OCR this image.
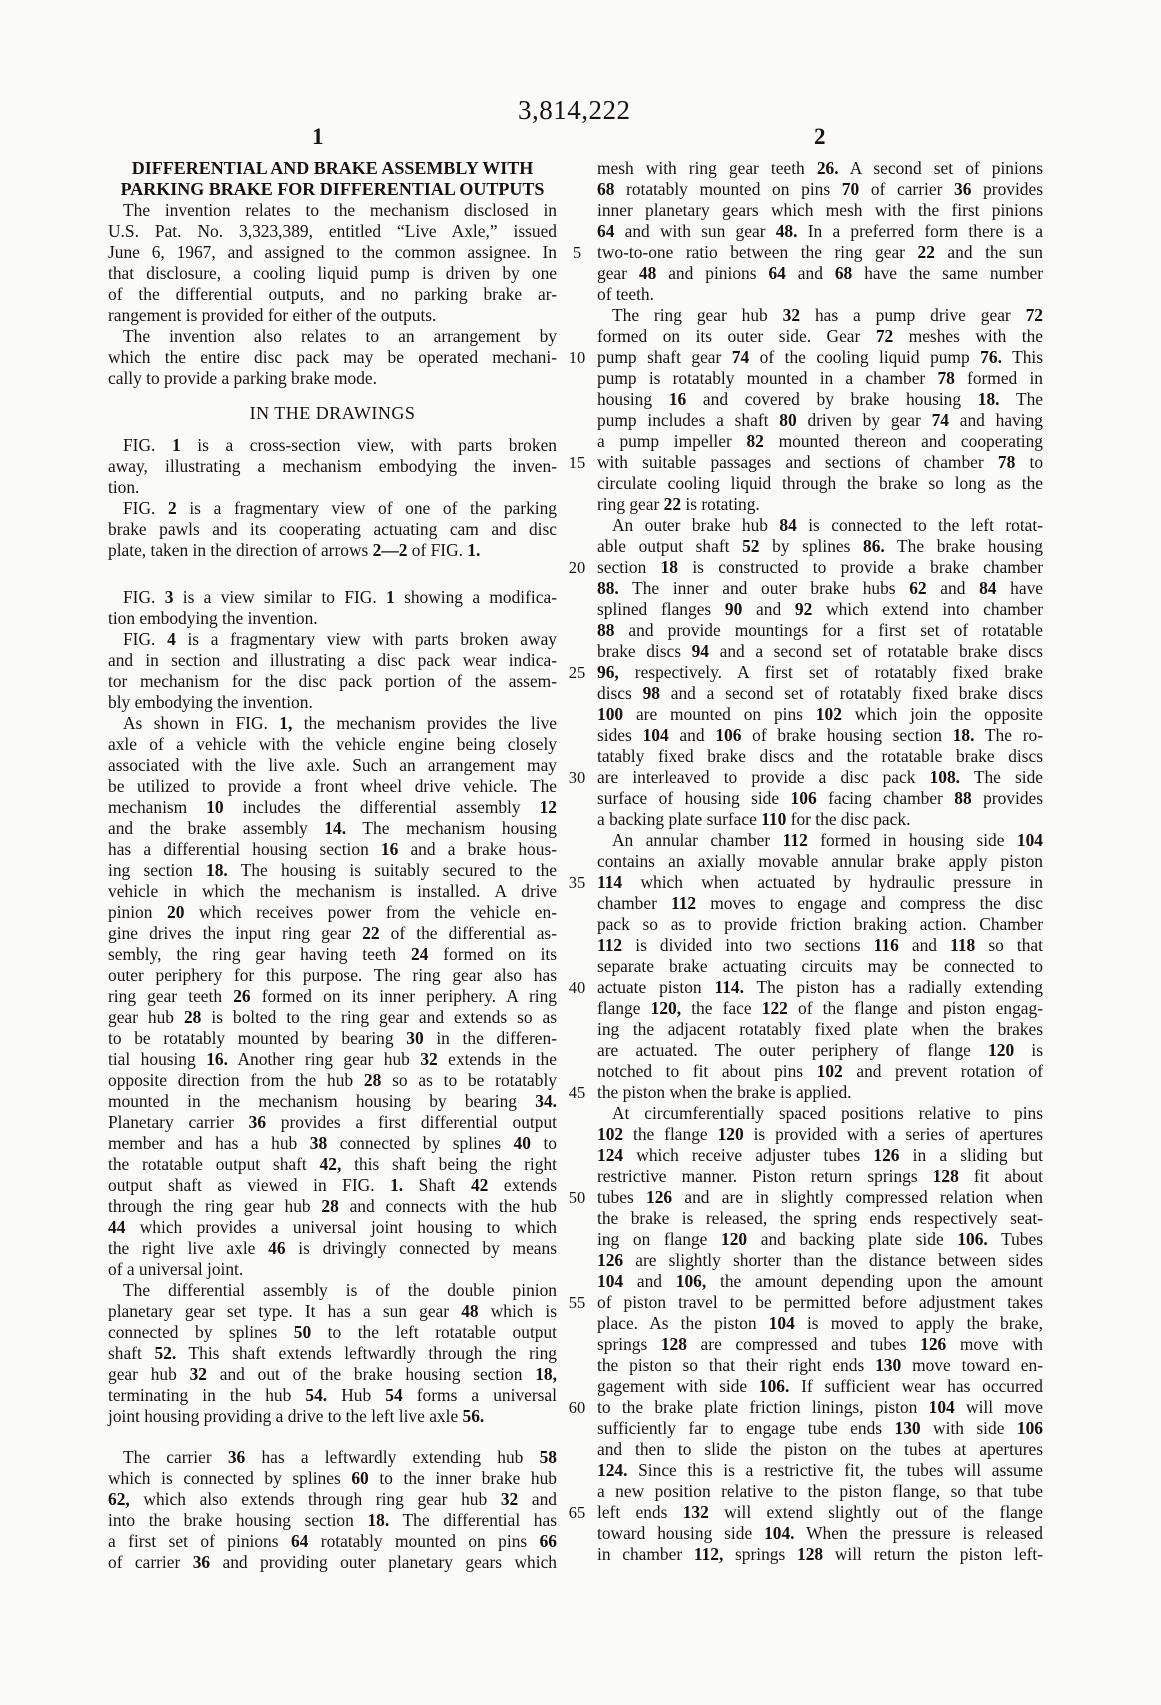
3,814,222
1	2
DIFFERENTIAL AND BRAKE ASSEMBLY WITH
PARKING BRAKE FOR DIFFERENTIAL OUTPUTS
The invention relates to the mechanism disclosed in
U.S. Pat. No. 3,323,389, entitled “Live Axle,” issued
June 6, 1967, and assigned to the common assignee. In
that disclosure, a cooling liquid pump is driven by one
of the differential outputs, and no parking brake ar-
rangement is provided for either of the outputs.
The invention also relates to an arrangement by
which the entire disc pack may be operated mechani-
cally to provide a parking brake mode.
IN THE DRAWINGS
FIG. 1 is a cross-section view, with parts broken
away, illustrating a mechanism embodying the inven-
tion.
FIG. 2 is a fragmentary view of one of the parking
brake pawls and its cooperating actuating cam and disc
plate, taken in the direction of arrows 2—2 of FIG. 1.
FIG. 3 is a view similar to FIG. 1 showing a modifica-
tion embodying the invention.
FIG. 4 is a fragmentary view with parts broken away
and in section and illustrating a disc pack wear indica-
tor mechanism for the disc pack portion of the assem-
bly embodying the invention.
As shown in FIG. 1, the mechanism provides the live
axle of a vehicle with the vehicle engine being closely
associated with the live axle. Such an arrangement may
be utilized to provide a front wheel drive vehicle. The
mechanism 10 includes the differential assembly 12
and the brake assembly 14. The mechanism housing
has a differential housing section 16 and a brake hous-
ing section 18. The housing is suitably secured to the
vehicle in which the mechanism is installed. A drive
pinion 20 which receives power from the vehicle en-
gine drives the input ring gear 22 of the differential as-
sembly, the ring gear having teeth 24 formed on its
outer periphery for this purpose. The ring gear also has
ring gear teeth 26 formed on its inner periphery. A ring
gear hub 28 is bolted to the ring gear and extends so as
to be rotatably mounted by bearing 30 in the differen-
tial housing 16. Another ring gear hub 32 extends in the
opposite direction from the hub 28 so as to be rotatably
mounted in the mechanism housing by bearing 34.
Planetary carrier 36 provides a first differential output
member and has a hub 38 connected by splines 40 to
the rotatable output shaft 42, this shaft being the right
output shaft as viewed in FIG. 1. Shaft 42 extends
through the ring gear hub 28 and connects with the hub
44 which provides a universal joint housing to which
the right live axle 46 is drivingly connected by means
of a universal joint.
The differential assembly is of the double pinion
planetary gear set type. It has a sun gear 48 which is
connected by splines 50 to the left rotatable output
shaft 52. This shaft extends leftwardly through the ring
gear hub 32 and out of the brake housing section 18,
terminating in the hub 54. Hub 54 forms a universal
joint housing providing a drive to the left live axle 56.
The carrier 36 has a leftwardly extending hub 58
which is connected by splines 60 to the inner brake hub
62, which also extends through ring gear hub 32 and
into the brake housing section 18. The differential has
a first set of pinions 64 rotatably mounted on pins 66
of carrier 36 and providing outer planetary gears which
5
10
15
20
25
30
35
40
45
50
55
60
65
mesh with ring gear teeth 26. A second set of pinions
68 rotatably mounted on pins 70 of carrier 36 provides
inner planetary gears which mesh with the first pinions
64 and with sun gear 48. In a preferred form there is a
two-to-one ratio between the ring gear 22 and the sun
gear 48 and pinions 64 and 68 have the same number
of teeth.
The ring gear hub 32 has a pump drive gear 72
formed on its outer side. Gear 72 meshes with the
pump shaft gear 74 of the cooling liquid pump 76. This
pump is rotatably mounted in a chamber 78 formed in
housing 16 and covered by brake housing 18. The
pump includes a shaft 80 driven by gear 74 and having
a pump impeller 82 mounted thereon and cooperating
with suitable passages and sections of chamber 78 to
circulate cooling liquid through the brake so long as the
ring gear 22 is rotating.
An outer brake hub 84 is connected to the left rotat-
able output shaft 52 by splines 86. The brake housing
section 18 is constructed to provide a brake chamber
88. The inner and outer brake hubs 62 and 84 have
splined flanges 90 and 92 which extend into chamber
88 and provide mountings for a first set of rotatable
brake discs 94 and a second set of rotatable brake discs
96, respectively. A first set of rotatably fixed brake
discs 98 and a second set of rotatably fixed brake discs
100 are mounted on pins 102 which join the opposite
sides 104 and 106 of brake housing section 18. The ro-
tatably fixed brake discs and the rotatable brake discs
are interleaved to provide a disc pack 108. The side
surface of housing side 106 facing chamber 88 provides
a backing plate surface 110 for the disc pack.
An annular chamber 112 formed in housing side 104
contains an axially movable annular brake apply piston
114 which when actuated by hydraulic pressure in
chamber 112 moves to engage and compress the disc
pack so as to provide friction braking action. Chamber
112 is divided into two sections 116 and 118 so that
separate brake actuating circuits may be connected to
actuate piston 114. The piston has a radially extending
flange 120, the face 122 of the flange and piston engag-
ing the adjacent rotatably fixed plate when the brakes
are actuated. The outer periphery of flange 120 is
notched to fit about pins 102 and prevent rotation of
the piston when the brake is applied.
At circumferentially spaced positions relative to pins
102 the flange 120 is provided with a series of apertures
124 which receive adjuster tubes 126 in a sliding but
restrictive manner. Piston return springs 128 fit about
tubes 126 and are in slightly compressed relation when
the brake is released, the spring ends respectively seat-
ing on flange 120 and backing plate side 106. Tubes
126 are slightly shorter than the distance between sides
104 and 106, the amount depending upon the amount
of piston travel to be permitted before adjustment takes
place. As the piston 104 is moved to apply the brake,
springs 128 are compressed and tubes 126 move with
the piston so that their right ends 130 move toward en-
gagement with side 106. If sufficient wear has occurred
to the brake plate friction linings, piston 104 will move
sufficiently far to engage tube ends 130 with side 106
and then to slide the piston on the tubes at apertures
124. Since this is a restrictive fit, the tubes will assume
a new position relative to the piston flange, so that tube
left ends 132 will extend slightly out of the flange
toward housing side 104. When the pressure is released
in chamber 112, springs 128 will return the piston left-
